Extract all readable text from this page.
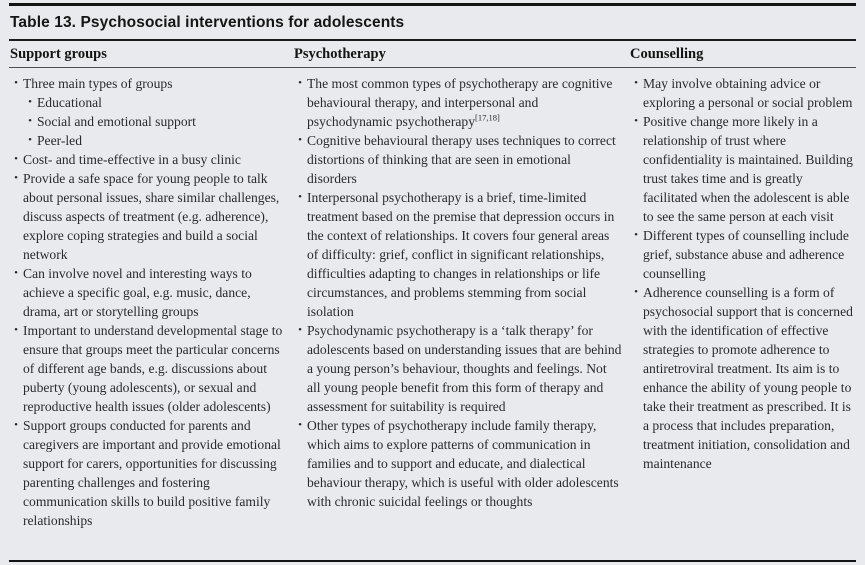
Table 13. Psychosocial interventions for adolescents
Support groups	Psychotherapy	Counselling
• Three main types of groups
• Educational
• Social and emotional support
• Peer-led
• Cost- and time-effective in a busy clinic
• Provide a safe space for young people to talk about personal issues, share similar challenges, discuss aspects of treatment (e.g. adherence), explore coping strategies and build a social network
• Can involve novel and interesting ways to achieve a specific goal, e.g. music, dance, drama, art or storytelling groups
• Important to understand developmental stage to ensure that groups meet the particular concerns of different age bands, e.g. discussions about puberty (young adolescents), or sexual and reproductive health issues (older adolescents)
• Support groups conducted for parents and caregivers are important and provide emotional support for carers, opportunities for discussing parenting challenges and fostering communication skills to build positive family relationships
• The most common types of psychotherapy are cognitive behavioural therapy, and interpersonal and psychodynamic psychotherapy[17,18]
• Cognitive behavioural therapy uses techniques to correct distortions of thinking that are seen in emotional disorders
• Interpersonal psychotherapy is a brief, time-limited treatment based on the premise that depression occurs in the context of relationships. It covers four general areas of difficulty: grief, conflict in significant relationships, difficulties adapting to changes in relationships or life circumstances, and problems stemming from social isolation
• Psychodynamic psychotherapy is a ‘talk therapy’ for adolescents based on understanding issues that are behind a young person’s behaviour, thoughts and feelings. Not all young people benefit from this form of therapy and assessment for suitability is required
• Other types of psychotherapy include family therapy, which aims to explore patterns of communication in families and to support and educate, and dialectical behaviour therapy, which is useful with older adolescents with chronic suicidal feelings or thoughts
• May involve obtaining advice or exploring a personal or social problem
• Positive change more likely in a relationship of trust where confidentiality is maintained. Building trust takes time and is greatly facilitated when the adolescent is able to see the same person at each visit
• Different types of counselling include grief, substance abuse and adherence counselling
• Adherence counselling is a form of psychosocial support that is concerned with the identification of effective strategies to promote adherence to antiretroviral treatment. Its aim is to enhance the ability of young people to take their treatment as prescribed. It is a process that includes preparation, treatment initiation, consolidation and maintenance
